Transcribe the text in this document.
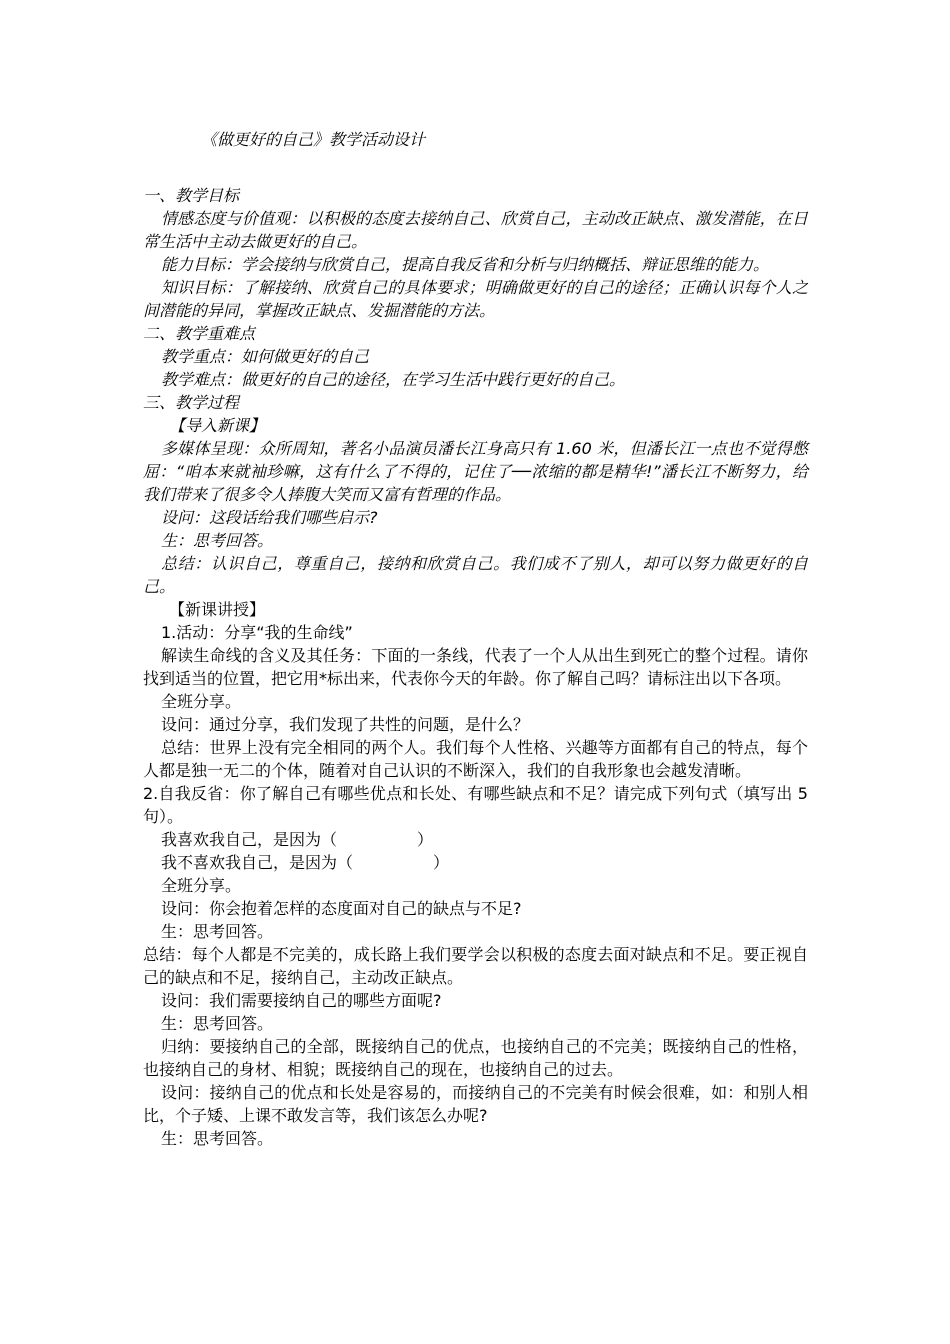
《做更好的自己》教学活动设计

一、教学目标

情感态度与价值观：以积极的态度去接纳自己、欣赏自己，主动改正缺点、激发潜能，在日常生活中主动去做更好的自己。

能力目标：学会接纳与欣赏自己，提高自我反省和分析与归纳概括、辩证思维的能力。

知识目标：了解接纳、欣赏自己的具体要求；明确做更好的自己的途径；正确认识每个人之间潜能的异同，掌握改正缺点、发掘潜能的方法。

二、教学重难点

教学重点：如何做更好的自己

教学难点：做更好的自己的途径，在学习生活中践行更好的自己。

三、教学过程

【导入新课】

多媒体呈现：众所周知，著名小品演员潘长江身高只有 1.60 米，但潘长江一点也不觉得憋屈：“咱本来就袖珍嘛，这有什么了不得的，记住了──浓缩的都是精华!”潘长江不断努力，给我们带来了很多令人捧腹大笑而又富有哲理的作品。

设问：这段话给我们哪些启示?

生：思考回答。

总结：认识自己，尊重自己，接纳和欣赏自己。我们成不了别人，却可以努力做更好的自己。

【新课讲授】

1.活动：分享“我的生命线”

解读生命线的含义及其任务：下面的一条线，代表了一个人从出生到死亡的整个过程。请你找到适当的位置，把它用*标出来，代表你今天的年龄。你了解自己吗？请标注出以下各项。

全班分享。

设问：通过分享，我们发现了共性的问题，是什么？

总结：世界上没有完全相同的两个人。我们每个人性格、兴趣等方面都有自己的特点，每个人都是独一无二的个体，随着对自己认识的不断深入，我们的自我形象也会越发清晰。

2.自我反省：你了解自己有哪些优点和长处、有哪些缺点和不足？请完成下列句式（填写出 5 句）。

我喜欢我自己，是因为（　　　　　）

我不喜欢我自己，是因为（　　　　　）

全班分享。

设问：你会抱着怎样的态度面对自己的缺点与不足?

生：思考回答。

总结：每个人都是不完美的，成长路上我们要学会以积极的态度去面对缺点和不足。要正视自己的缺点和不足，接纳自己，主动改正缺点。

设问：我们需要接纳自己的哪些方面呢?

生：思考回答。

归纳：要接纳自己的全部，既接纳自己的优点，也接纳自己的不完美；既接纳自己的性格，也接纳自己的身材、相貌；既接纳自己的现在，也接纳自己的过去。

设问：接纳自己的优点和长处是容易的，而接纳自己的不完美有时候会很难，如：和别人相比，个子矮、上课不敢发言等，我们该怎么办呢?

生：思考回答。
